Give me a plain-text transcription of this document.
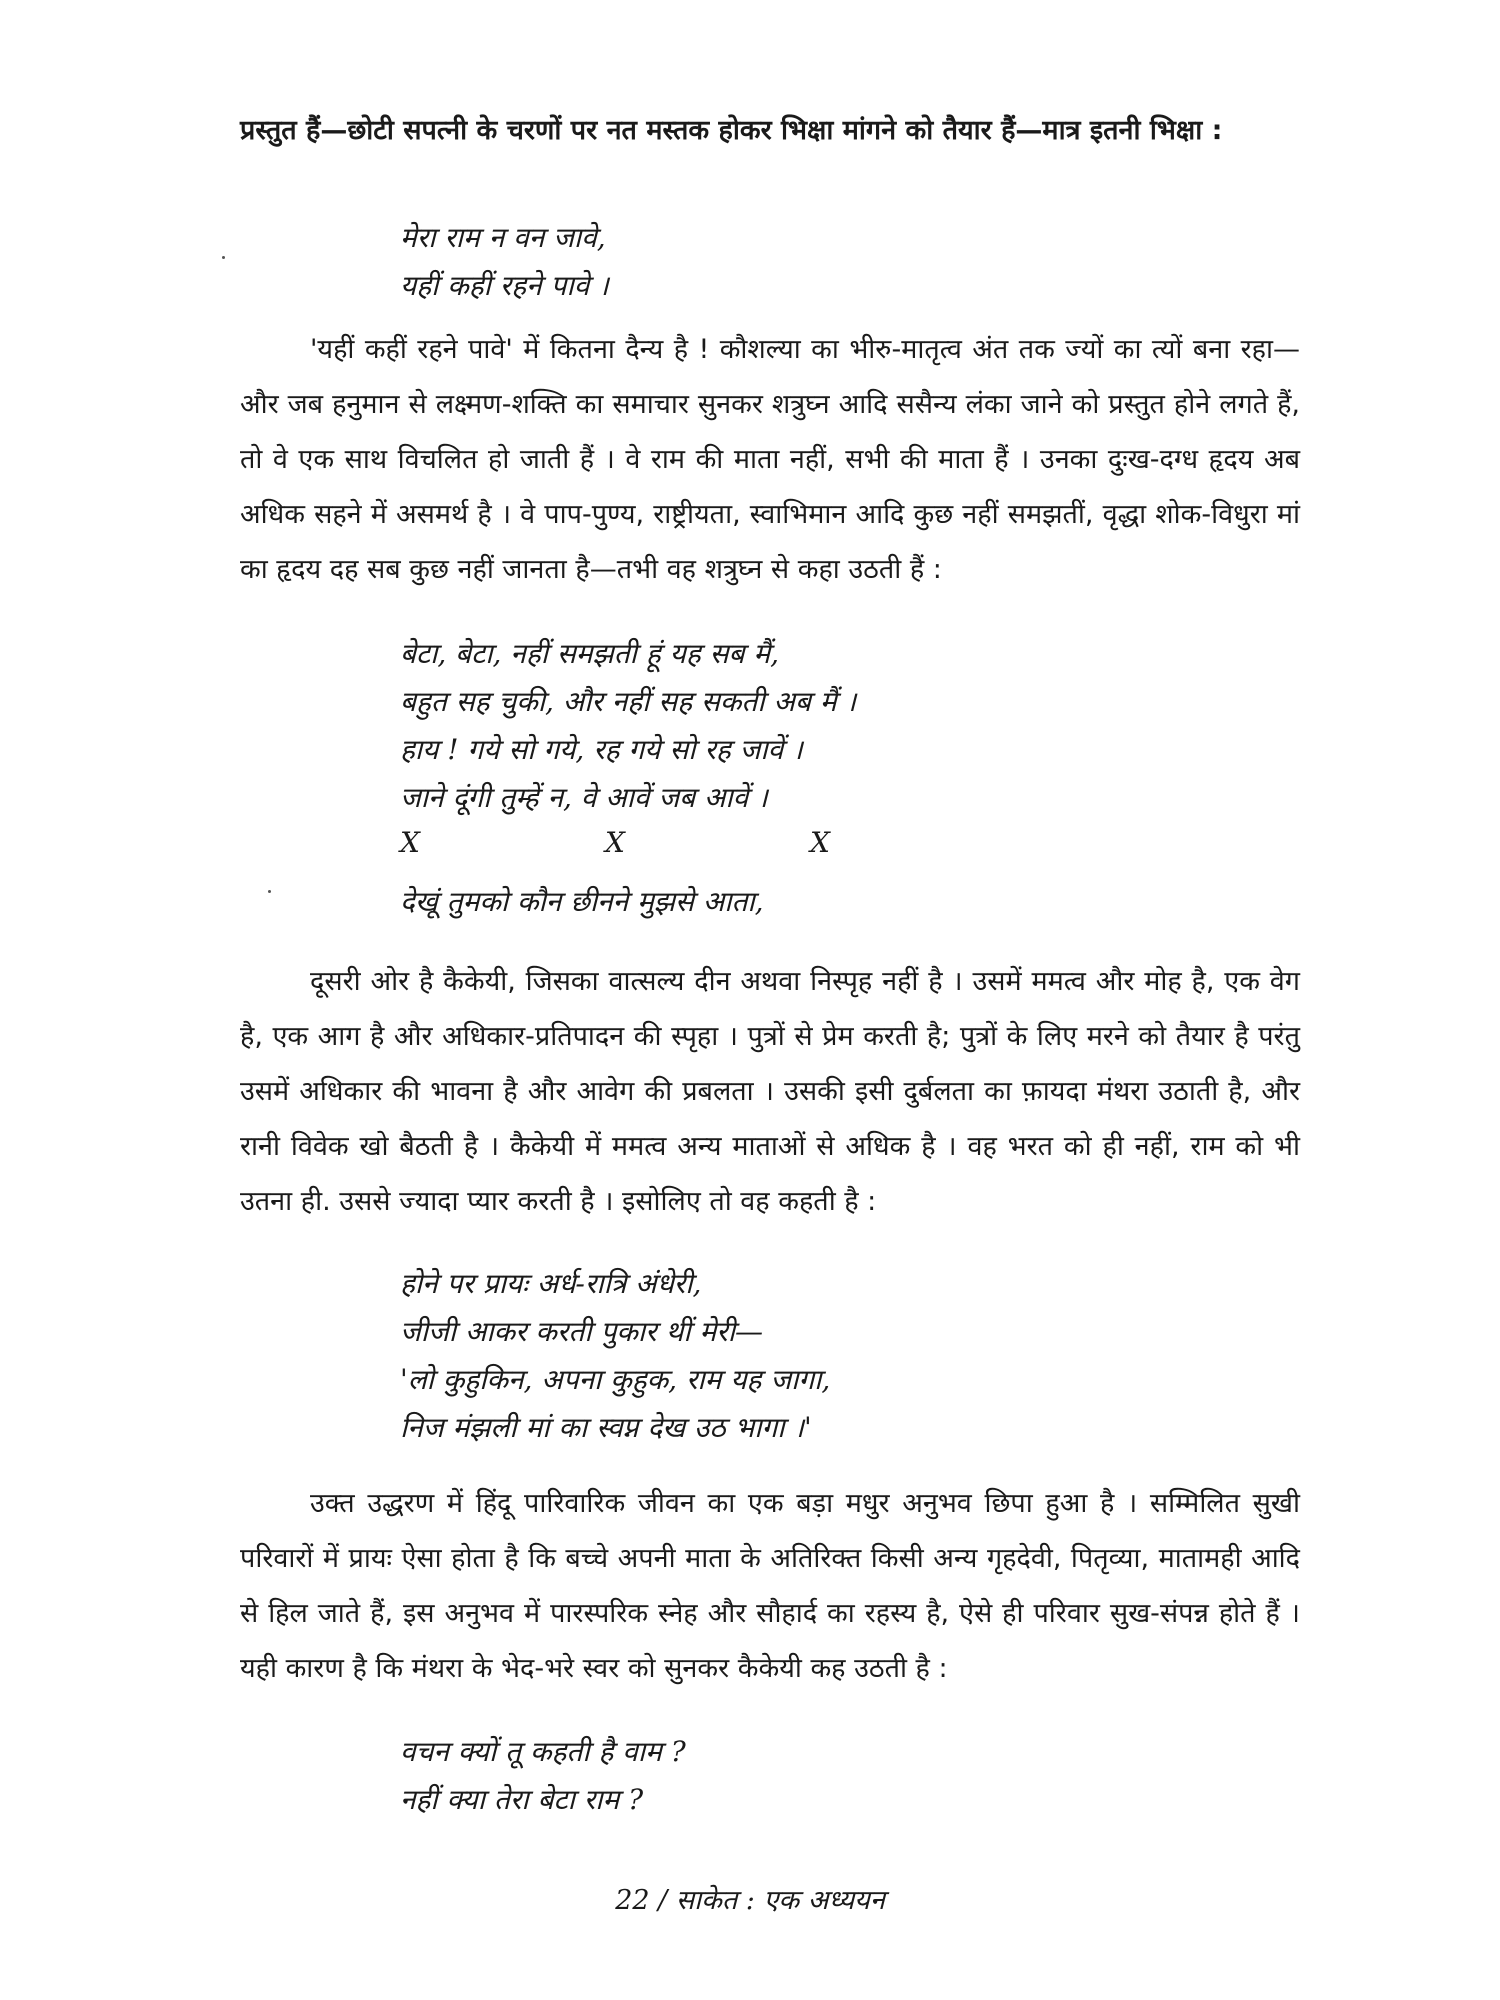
प्रस्तुत हैं—छोटी सपत्नी के चरणों पर नत मस्तक होकर भिक्षा मांगने को तैयार हैं—मात्र इतनी भिक्षा :

मेरा राम न वन जावे,
यहीं कहीं रहने पावे ।

'यहीं कहीं रहने पावे' में कितना दैन्य है ! कौशल्या का भीरु-मातृत्व अंत तक ज्यों का त्यों बना रहा—और जब हनुमान से लक्ष्मण-शक्ति का समाचार सुनकर शत्रुघ्न आदि ससैन्य लंका जाने को प्रस्तुत होने लगते हैं, तो वे एक साथ विचलित हो जाती हैं । वे राम की माता नहीं, सभी की माता हैं । उनका दुःख-दग्ध हृदय अब अधिक सहने में असमर्थ है । वे पाप-पुण्य, राष्ट्रीयता, स्वाभिमान आदि कुछ नहीं समझतीं, वृद्धा शोक-विधुरा मां का हृदय दह सब कुछ नहीं जानता है—तभी वह शत्रुघ्न से कहा उठती हैं :

बेटा, बेटा, नहीं समझती हूं यह सब मैं,
बहुत सह चुकी, और नहीं सह सकती अब मैं ।
हाय ! गये सो गये, रह गये सो रह जावें ।
जाने दूंगी तुम्हें न, वे आवें जब आवें ।
X	X	X
देखूं तुमको कौन छीनने मुझसे आता,

दूसरी ओर है कैकेयी, जिसका वात्सल्य दीन अथवा निस्पृह नहीं है । उसमें ममत्व और मोह है, एक वेग है, एक आग है और अधिकार-प्रतिपादन की स्पृहा । पुत्रों से प्रेम करती है; पुत्रों के लिए मरने को तैयार है परंतु उसमें अधिकार की भावना है और आवेग की प्रबलता । उसकी इसी दुर्बलता का फ़ायदा मंथरा उठाती है, और रानी विवेक खो बैठती है । कैकेयी में ममत्व अन्य माताओं से अधिक है । वह भरत को ही नहीं, राम को भी उतना ही. उससे ज्यादा प्यार करती है । इसोलिए तो वह कहती है :

होने पर प्रायः अर्ध-रात्रि अंधेरी,
जीजी आकर करती पुकार थीं मेरी—
'लो कुहुकिन, अपना कुहुक, राम यह जागा,
निज मंझली मां का स्वप्न देख उठ भागा ।'

उक्त उद्धरण में हिंदू पारिवारिक जीवन का एक बड़ा मधुर अनुभव छिपा हुआ है । सम्मिलित सुखी परिवारों में प्रायः ऐसा होता है कि बच्चे अपनी माता के अतिरिक्त किसी अन्य गृहदेवी, पितृव्या, मातामही आदि से हिल जाते हैं, इस अनुभव में पारस्परिक स्नेह और सौहार्द का रहस्य है, ऐसे ही परिवार सुख-संपन्न होते हैं । यही कारण है कि मंथरा के भेद-भरे स्वर को सुनकर कैकेयी कह उठती है :

वचन क्यों तू कहती है वाम ?
नहीं क्या तेरा बेटा राम ?
22 / साकेत : एक अध्ययन
